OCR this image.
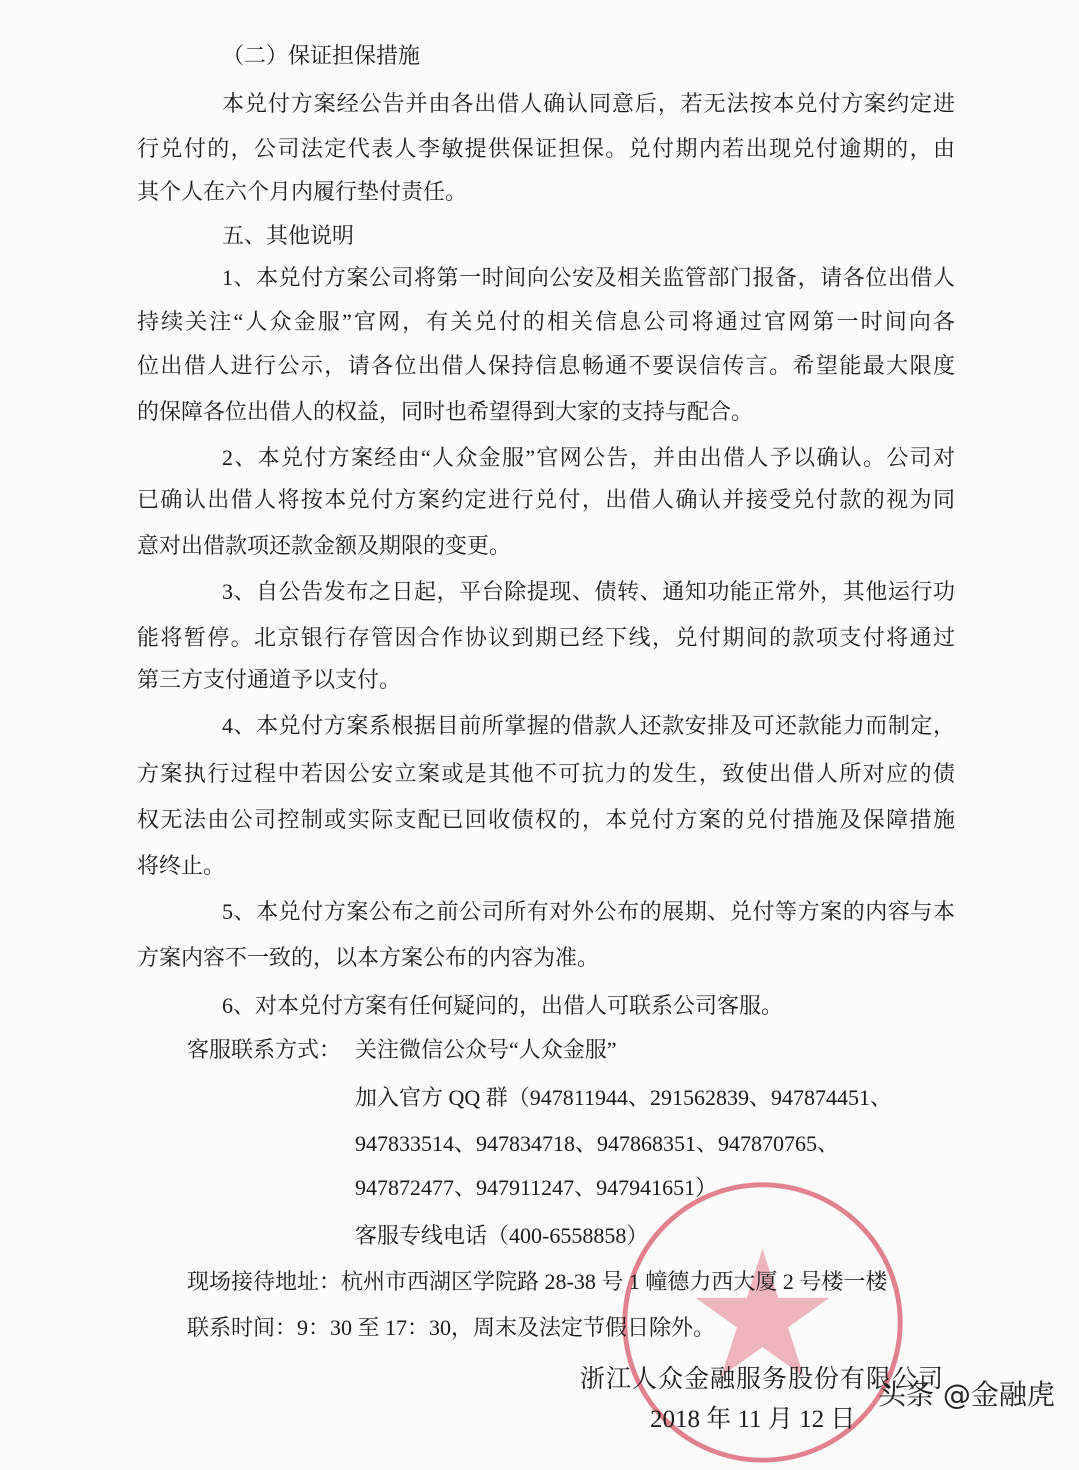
（二）保证担保措施
本兑付方案经公告并由各出借人确认同意后，若无法按本兑付方案约定进
行兑付的，公司法定代表人李敏提供保证担保。兑付期内若出现兑付逾期的，由
其个人在六个月内履行垫付责任。
五、其他说明
1、本兑付方案公司将第一时间向公安及相关监管部门报备，请各位出借人
持续关注“人众金服”官网，有关兑付的相关信息公司将通过官网第一时间向各
位出借人进行公示，请各位出借人保持信息畅通不要误信传言。希望能最大限度
的保障各位出借人的权益，同时也希望得到大家的支持与配合。
2、本兑付方案经由“人众金服”官网公告，并由出借人予以确认。公司对
已确认出借人将按本兑付方案约定进行兑付，出借人确认并接受兑付款的视为同
意对出借款项还款金额及期限的变更。
3、自公告发布之日起，平台除提现、债转、通知功能正常外，其他运行功
能将暂停。北京银行存管因合作协议到期已经下线，兑付期间的款项支付将通过
第三方支付通道予以支付。
4、本兑付方案系根据目前所掌握的借款人还款安排及可还款能力而制定，
方案执行过程中若因公安立案或是其他不可抗力的发生，致使出借人所对应的债
权无法由公司控制或实际支配已回收债权的，本兑付方案的兑付措施及保障措施
将终止。
5、本兑付方案公布之前公司所有对外公布的展期、兑付等方案的内容与本
方案内容不一致的，以本方案公布的内容为准。
6、对本兑付方案有任何疑问的，出借人可联系公司客服。
客服联系方式： 关注微信公众号“人众金服”
加入官方 QQ 群（947811944、291562839、947874451、
947833514、947834718、947868351、947870765、
947872477、947911247、947941651）
客服专线电话（400-6558858）
现场接待地址：杭州市西湖区学院路 28-38 号 1 幢德力西大厦 2 号楼一楼
联系时间：9：30 至 17：30，周末及法定节假日除外。
浙江人众金融服务股份有限公司
2018 年 11 月 12 日
头条 @金融虎
